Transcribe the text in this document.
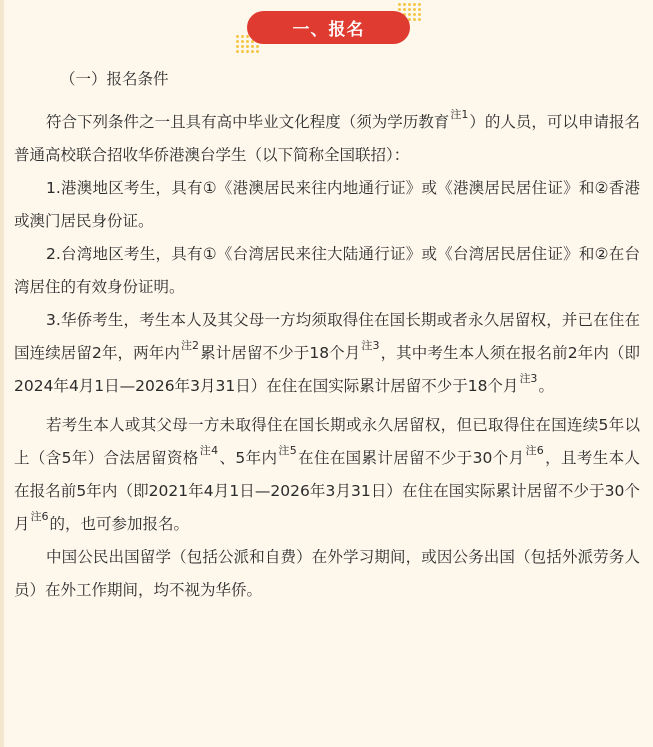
一、报名

（一）报名条件

符合下列条件之一且具有高中毕业文化程度（须为学历教育$^{注1}$）的人员，可以申请报名普通高校联合招收华侨港澳台学生（以下简称全国联招）：

1.港澳地区考生，具有①《港澳居民来往内地通行证》或《港澳居民居住证》和②香港或澳门居民身份证。

2.台湾地区考生，具有①《台湾居民来往大陆通行证》或《台湾居民居住证》和②在台湾居住的有效身份证明。

3.华侨考生，考生本人及其父母一方均须取得住在国长期或者永久居留权，并已在住在国连续居留2年，两年内$^{注2}$累计居留不少于18个月$^{注3}$，其中考生本人须在报名前2年内（即2024年4月1日—2026年3月31日）在住在国实际累计居留不少于18个月$^{注3}$。

若考生本人或其父母一方未取得住在国长期或永久居留权，但已取得住在国连续5年以上（含5年）合法居留资格$^{注4}$、5年内$^{注5}$在住在国累计居留不少于30个月$^{注6}$，且考生本人在报名前5年内（即2021年4月1日—2026年3月31日）在住在国实际累计居留不少于30个月$^{注6}$的，也可参加报名。

中国公民出国留学（包括公派和自费）在外学习期间，或因公务出国（包括外派劳务人员）在外工作期间，均不视为华侨。
